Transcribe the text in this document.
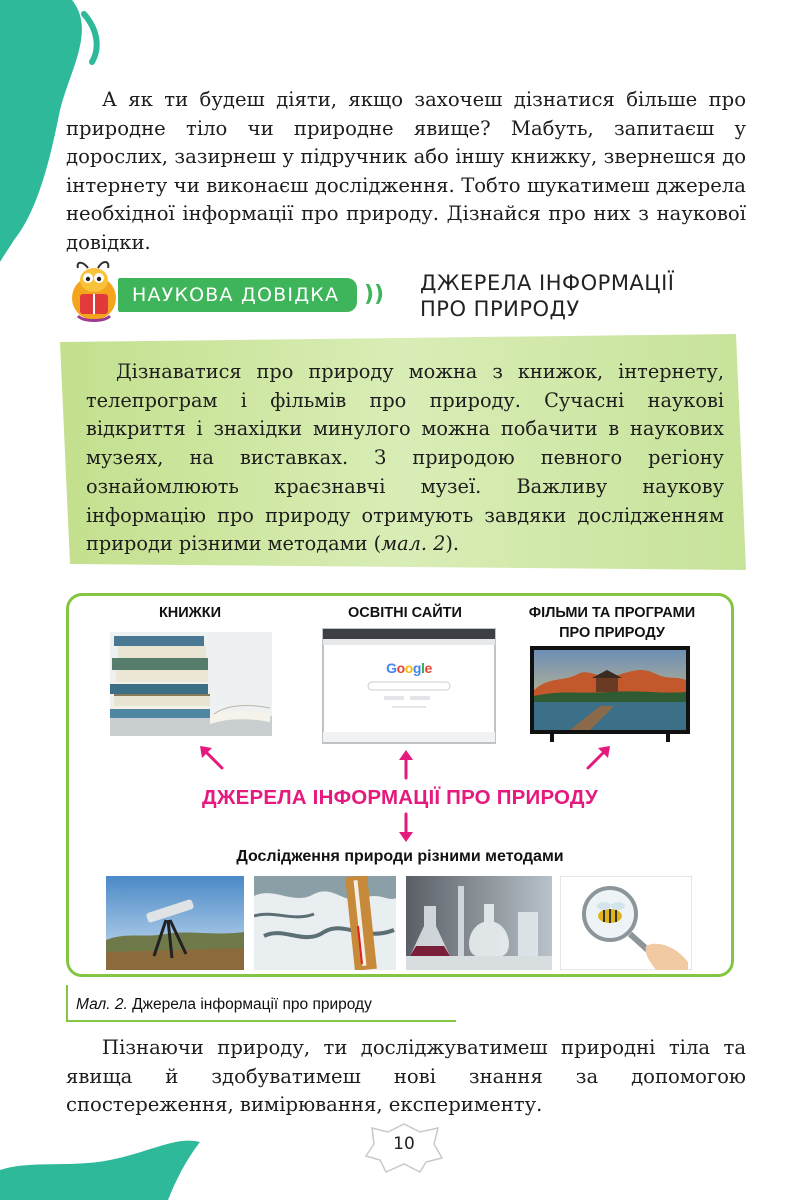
А як ти будеш діяти, якщо захочеш дізнатися більше про природне тіло чи природне явище? Мабуть, запитаєш у дорослих, зазирнеш у підручник або іншу книжку, звернешся до інтернету чи виконаєш дослідження. Тобто шукатимеш джерела необхідної інформації про природу. Дізнайся про них з наукової довідки.

НАУКОВА ДОВІДКА	)) ДЖЕРЕЛА ІНФОРМАЦІЇ
ПРО ПРИРОДУ

Дізнаватися про природу можна з книжок, інтернету, телепрограм і фільмів про природу. Сучасні наукові відкриття і знахідки минулого можна побачити в наукових музеях, на виставках. З природою певного регіону ознайомлюють краєзнавчі музеї. Важливу наукову інформацію про природу отримують завдяки дослідженням природи різними методами (мал. 2).

КНИЖКИ	ОСВІТНІ САЙТИ	ФІЛЬМИ ТА ПРОГРАМИ
ПРО ПРИРОДУ
Google
ДЖЕРЕЛА ІНФОРМАЦІЇ ПРО ПРИРОДУ
Дослідження природи різними методами
Мал. 2. Джерела інформації про природу

Пізнаючи природу, ти досліджуватимеш природні тіла та явища й здобуватимеш нові знання за допомогою спостереження, вимірювання, експерименту.

10
